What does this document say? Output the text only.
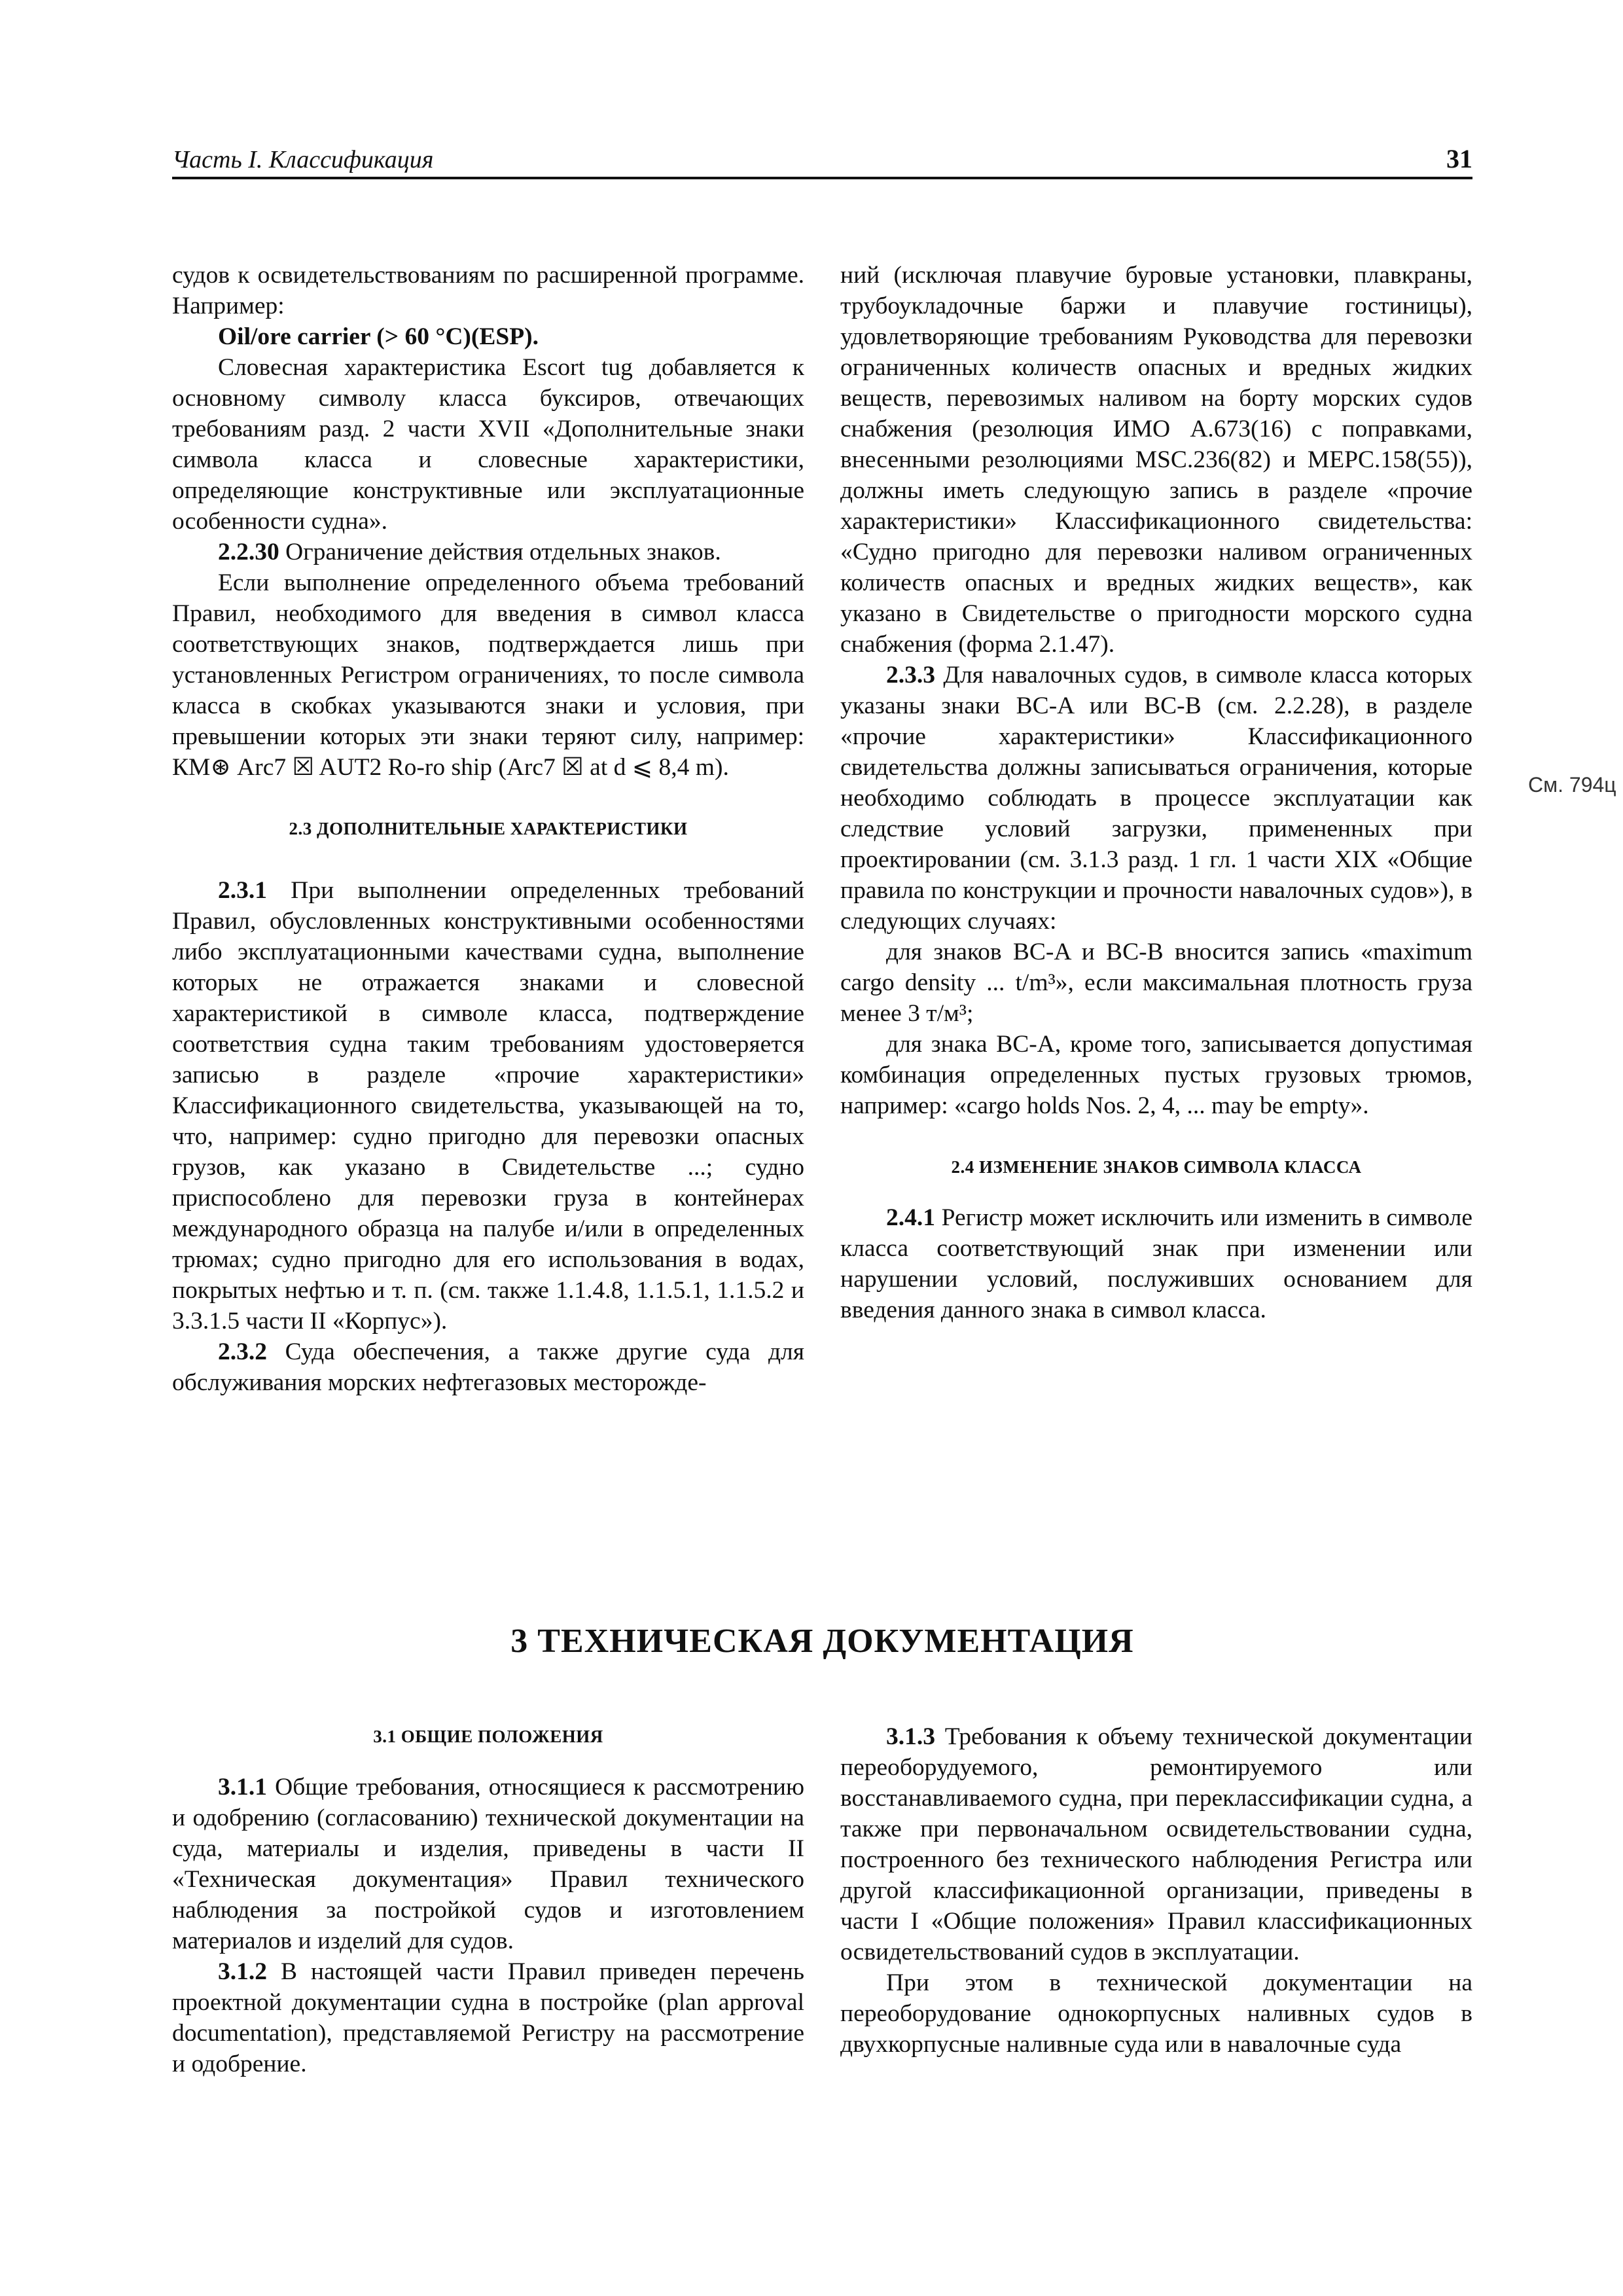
Часть I. Классификация	31
См. 794ц

судов к освидетельствованиям по расширенной программе. Например:

Oil/ore carrier (> 60 °C)(ESP).

Словесная характеристика Escort tug добавляется к основному символу класса буксиров, отвечающих требованиям разд. 2 части XVII «Дополнительные знаки символа класса и словесные характеристики, определяющие конструктивные или эксплуатационные особенности судна».

2.2.30 Ограничение действия отдельных знаков.

Если выполнение определенного объема требований Правил, необходимого для введения в символ класса соответствующих знаков, подтверждается лишь при установленных Регистром ограничениях, то после символа класса в скобках указываются знаки и условия, при превышении которых эти знаки теряют силу, например: КМ⊛ Arc7 ☒ AUT2 Ro-ro ship (Arc7 ☒ at d ⩽ 8,4 m).

2.3 ДОПОЛНИТЕЛЬНЫЕ ХАРАКТЕРИСТИКИ

2.3.1 При выполнении определенных требований Правил, обусловленных конструктивными особенностями либо эксплуатационными качествами судна, выполнение которых не отражается знаками и словесной характеристикой в символе класса, подтверждение соответствия судна таким требованиям удостоверяется записью в разделе «прочие характеристики» Классификационного свидетельства, указывающей на то, что, например: судно пригодно для перевозки опасных грузов, как указано в Свидетельстве ...; судно приспособлено для перевозки груза в контейнерах международного образца на палубе и/или в определенных трюмах; судно пригодно для его использования в водах, покрытых нефтью и т. п. (см. также 1.1.4.8, 1.1.5.1, 1.1.5.2 и 3.3.1.5 части II «Корпус»).

2.3.2 Суда обеспечения, а также другие суда для обслуживания морских нефтегазовых месторожде-

ний (исключая плавучие буровые установки, плавкраны, трубоукладочные баржи и плавучие гостиницы), удовлетворяющие требованиям Руководства для перевозки ограниченных количеств опасных и вредных жидких веществ, перевозимых наливом на борту морских судов снабжения (резолюция ИМО A.673(16) с поправками, внесенными резолюциями MSC.236(82) и MEPC.158(55)), должны иметь следующую запись в разделе «прочие характеристики» Классификационного свидетельства: «Судно пригодно для перевозки наливом ограниченных количеств опасных и вредных жидких веществ», как указано в Свидетельстве о пригодности морского судна снабжения (форма 2.1.47).

2.3.3 Для навалочных судов, в символе класса которых указаны знаки BC-A или BC-B (см. 2.2.28), в разделе «прочие характеристики» Классификационного свидетельства должны записываться ограничения, которые необходимо соблюдать в процессе эксплуатации как следствие условий загрузки, примененных при проектировании (см. 3.1.3 разд. 1 гл. 1 части XIX «Общие правила по конструкции и прочности навалочных судов»), в следующих случаях:

для знаков BC-A и BC-B вносится запись «maximum cargo density ... t/m³», если максимальная плотность груза менее 3 т/м³;

для знака BC-A, кроме того, записывается допустимая комбинация определенных пустых грузовых трюмов, например: «cargo holds Nos. 2, 4, ... may be empty».

2.4 ИЗМЕНЕНИЕ ЗНАКОВ СИМВОЛА КЛАССА

2.4.1 Регистр может исключить или изменить в символе класса соответствующий знак при изменении или нарушении условий, послуживших основанием для введения данного знака в символ класса.

3 ТЕХНИЧЕСКАЯ ДОКУМЕНТАЦИЯ

3.1 ОБЩИЕ ПОЛОЖЕНИЯ

3.1.1 Общие требования, относящиеся к рассмотрению и одобрению (согласованию) технической документации на суда, материалы и изделия, приведены в части II «Техническая документация» Правил технического наблюдения за постройкой судов и изготовлением материалов и изделий для судов.

3.1.2 В настоящей части Правил приведен перечень проектной документации судна в постройке (plan approval documentation), представляемой Регистру на рассмотрение и одобрение.

3.1.3 Требования к объему технической документации переоборудуемого, ремонтируемого или восстанавливаемого судна, при переклассификации судна, а также при первоначальном освидетельствовании судна, построенного без технического наблюдения Регистра или другой классификационной организации, приведены в части I «Общие положения» Правил классификационных освидетельствований судов в эксплуатации.

При этом в технической документации на переоборудование однокорпусных наливных судов в двухкорпусные наливные суда или в навалочные суда
